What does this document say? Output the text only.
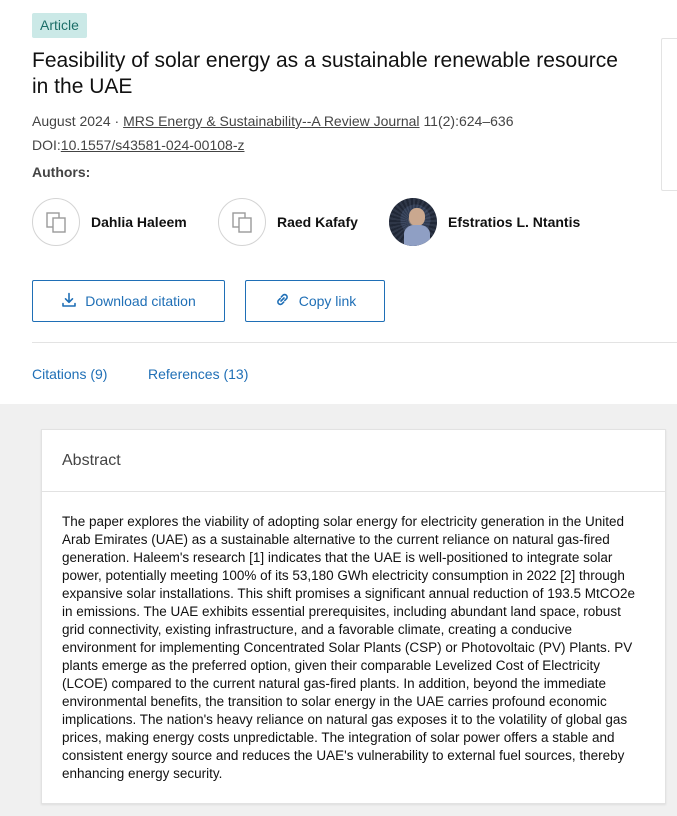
Article
Feasibility of solar energy as a sustainable renewable resource in the UAE
August 2024 · MRS Energy & Sustainability--A Review Journal 11(2):624–636
DOI:10.1557/s43581-024-00108-z
Authors:
Dahlia Haleem	Raed Kafafy	Efstratios L. Ntantis
Download citation	Copy link
Citations (9)	References (13)
Abstract

The paper explores the viability of adopting solar energy for electricity generation in the United Arab Emirates (UAE) as a sustainable alternative to the current reliance on natural gas-fired generation. Haleem's research [1] indicates that the UAE is well-positioned to integrate solar power, potentially meeting 100% of its 53,180 GWh electricity consumption in 2022 [2] through expansive solar installations. This shift promises a significant annual reduction of 193.5 MtCO2e in emissions. The UAE exhibits essential prerequisites, including abundant land space, robust grid connectivity, existing infrastructure, and a favorable climate, creating a conducive environment for implementing Concentrated Solar Plants (CSP) or Photovoltaic (PV) Plants. PV plants emerge as the preferred option, given their comparable Levelized Cost of Electricity (LCOE) compared to the current natural gas-fired plants. In addition, beyond the immediate environmental benefits, the transition to solar energy in the UAE carries profound economic implications. The nation's heavy reliance on natural gas exposes it to the volatility of global gas prices, making energy costs unpredictable. The integration of solar power offers a stable and consistent energy source and reduces the UAE's vulnerability to external fuel sources, thereby enhancing energy security.
